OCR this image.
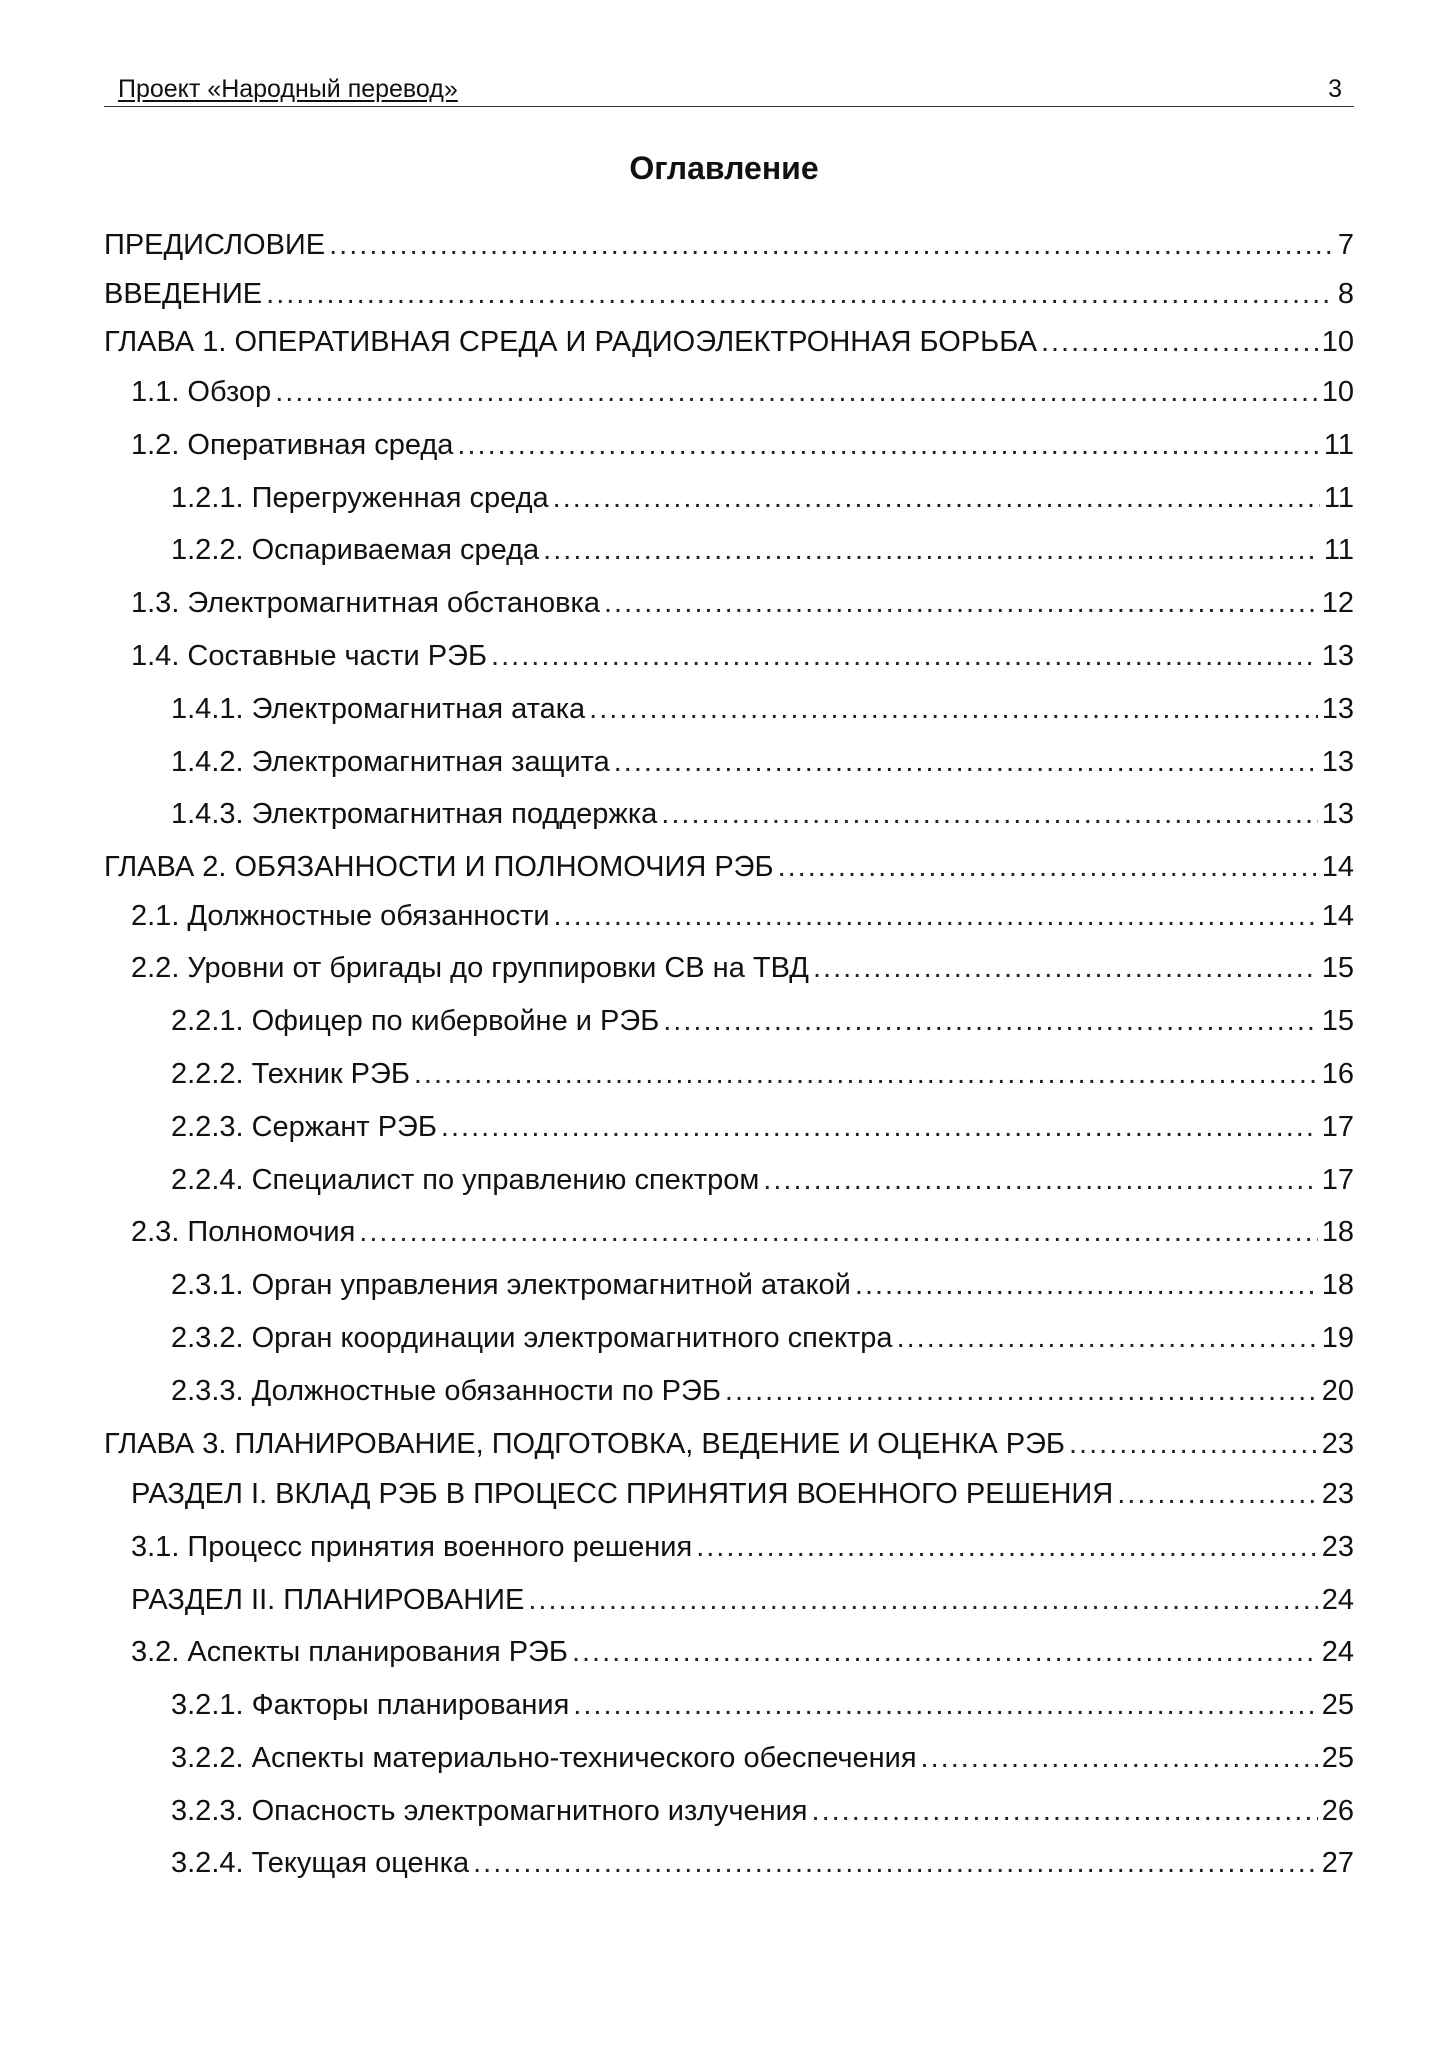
Проект «Народный перевод»	3
Оглавление
ПРЕДИСЛОВИЕ .....	7
ВВЕДЕНИЕ .....	8
ГЛАВА 1. ОПЕРАТИВНАЯ СРЕДА И РАДИОЭЛЕКТРОННАЯ БОРЬБА .....	10
1.1. Обзор .....	10
1.2. Оперативная среда .....	11
1.2.1. Перегруженная среда .....	11
1.2.2. Оспариваемая среда .....	11
1.3. Электромагнитная обстановка .....	12
1.4. Составные части РЭБ .....	13
1.4.1. Электромагнитная атака .....	13
1.4.2. Электромагнитная защита .....	13
1.4.3. Электромагнитная поддержка .....	13
ГЛАВА 2. ОБЯЗАННОСТИ И ПОЛНОМОЧИЯ РЭБ .....	14
2.1. Должностные обязанности .....	14
2.2. Уровни от бригады до группировки СВ на ТВД .....	15
2.2.1. Офицер по кибервойне и РЭБ .....	15
2.2.2. Техник РЭБ .....	16
2.2.3. Сержант РЭБ .....	17
2.2.4. Специалист по управлению спектром .....	17
2.3. Полномочия .....	18
2.3.1. Орган управления электромагнитной атакой .....	18
2.3.2. Орган координации электромагнитного спектра .....	19
2.3.3. Должностные обязанности по РЭБ .....	20
ГЛАВА 3. ПЛАНИРОВАНИЕ, ПОДГОТОВКА, ВЕДЕНИЕ И ОЦЕНКА РЭБ .....	23
РАЗДЕЛ I. ВКЛАД РЭБ В ПРОЦЕСС ПРИНЯТИЯ ВОЕННОГО РЕШЕНИЯ .....	23
3.1. Процесс принятия военного решения .....	23
РАЗДЕЛ II. ПЛАНИРОВАНИЕ .....	24
3.2. Аспекты планирования РЭБ .....	24
3.2.1. Факторы планирования .....	25
3.2.2. Аспекты материально-технического обеспечения .....	25
3.2.3. Опасность электромагнитного излучения .....	26
3.2.4. Текущая оценка .....	27
